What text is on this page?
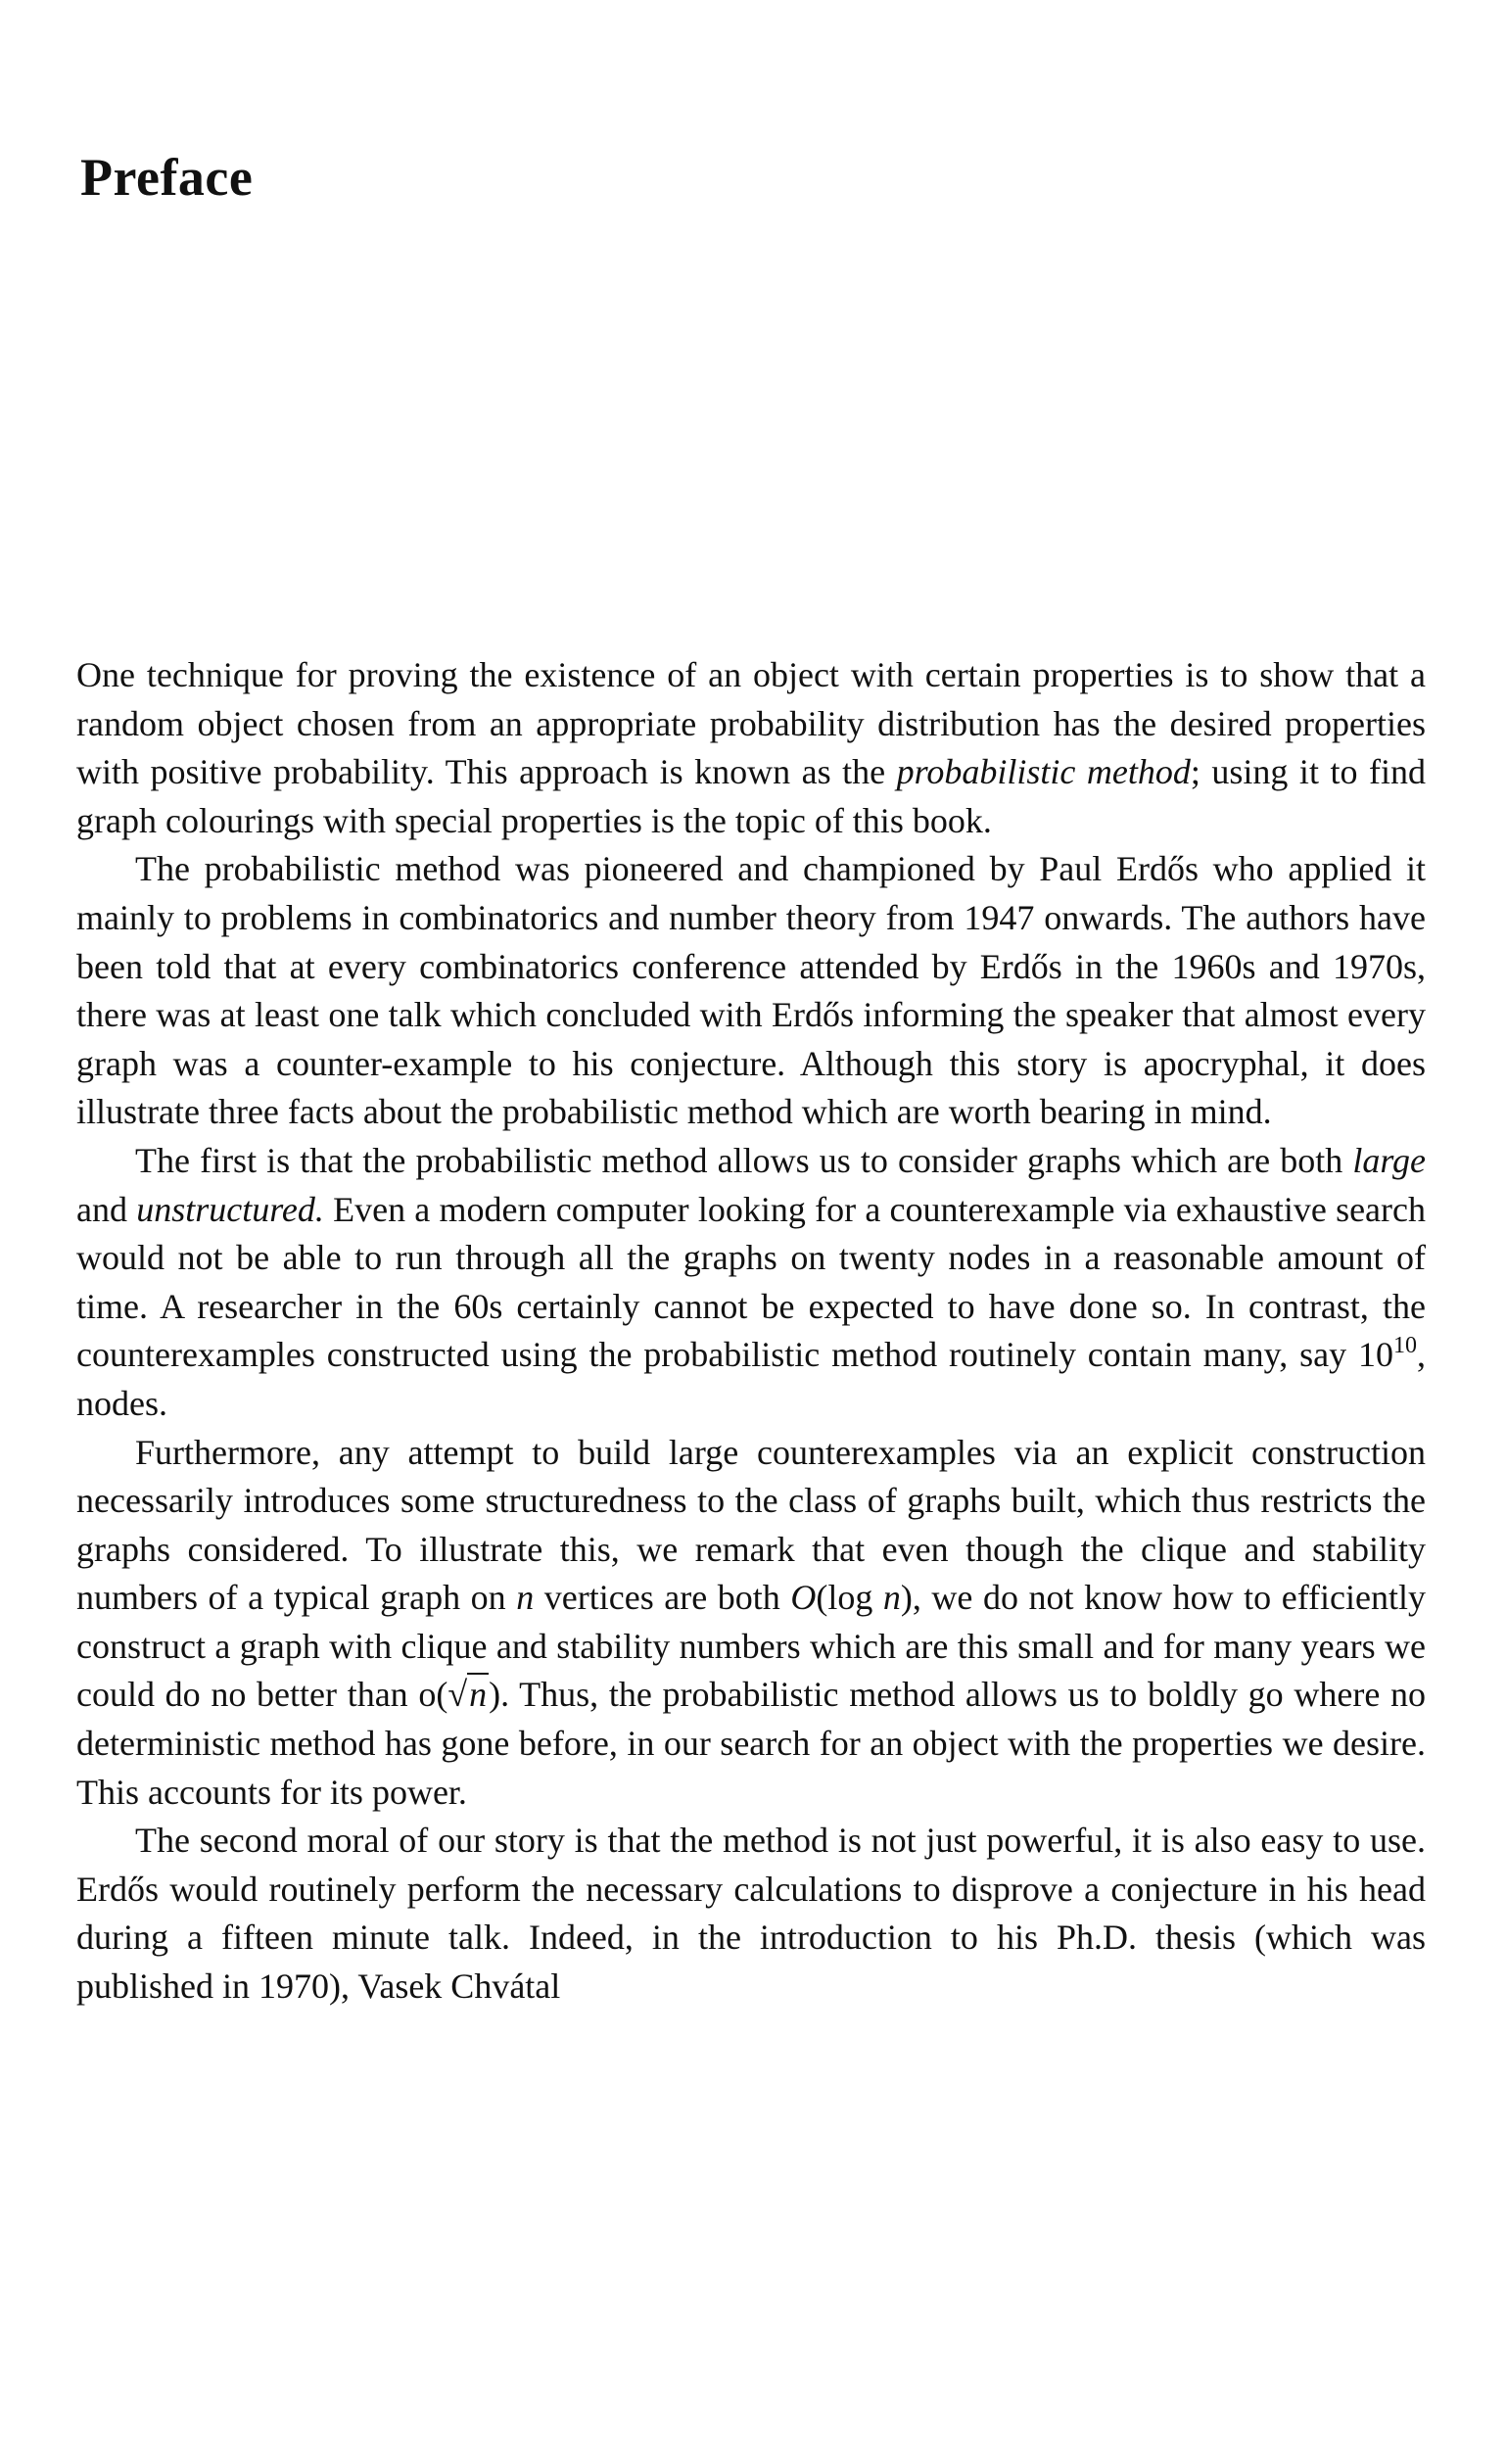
Preface

One technique for proving the existence of an object with certain properties is to show that a random object chosen from an appropriate probability distribution has the desired properties with positive probability. This approach is known as the probabilistic method; using it to find graph colourings with special properties is the topic of this book.

The probabilistic method was pioneered and championed by Paul Erdős who applied it mainly to problems in combinatorics and number theory from 1947 onwards. The authors have been told that at every combinatorics conference attended by Erdős in the 1960s and 1970s, there was at least one talk which concluded with Erdős informing the speaker that almost every graph was a counter-example to his conjecture. Although this story is apocryphal, it does illustrate three facts about the probabilistic method which are worth bearing in mind.

The first is that the probabilistic method allows us to consider graphs which are both large and unstructured. Even a modern computer looking for a counterexample via exhaustive search would not be able to run through all the graphs on twenty nodes in a reasonable amount of time. A researcher in the 60s certainly cannot be expected to have done so. In contrast, the counterexamples constructed using the probabilistic method routinely contain many, say $10^{10}$, nodes.

Furthermore, any attempt to build large counterexamples via an explicit construction necessarily introduces some structuredness to the class of graphs built, which thus restricts the graphs considered. To illustrate this, we remark that even though the clique and stability numbers of a typical graph on n vertices are both O(log n), we do not know how to efficiently construct a graph with clique and stability numbers which are this small and for many years we could do no better than o(√n). Thus, the probabilistic method allows us to boldly go where no deterministic method has gone before, in our search for an object with the properties we desire. This accounts for its power.

The second moral of our story is that the method is not just powerful, it is also easy to use. Erdős would routinely perform the necessary calculations to disprove a conjecture in his head during a fifteen minute talk. Indeed, in the introduction to his Ph.D. thesis (which was published in 1970), Vasek Chvátal
